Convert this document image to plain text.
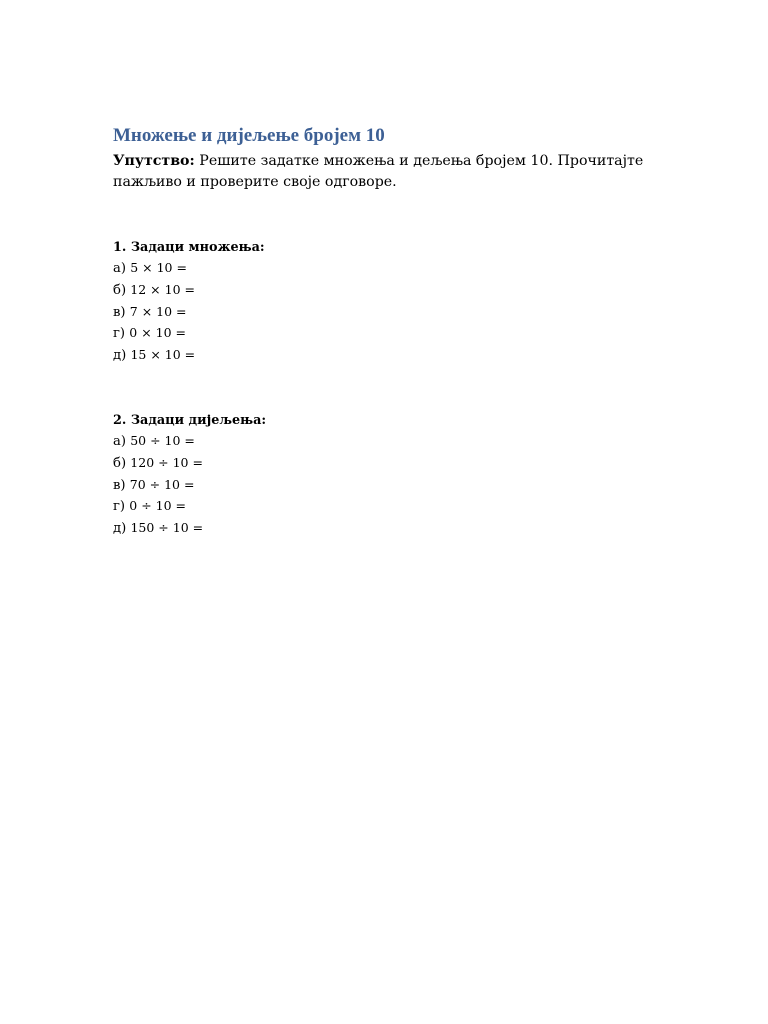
Множење и дијељење бројем 10

Упутство: Решите задатке множења и дељења бројем 10. Прочитајте пажљиво и проверите своје одговоре.

1. Задаци множења:

а) 5 × 10 =
б) 12 × 10 =
в) 7 × 10 =
г) 0 × 10 =
д) 15 × 10 =

2. Задаци дијељења:

а) 50 ÷ 10 =
б) 120 ÷ 10 =
в) 70 ÷ 10 =
г) 0 ÷ 10 =
д) 150 ÷ 10 =
